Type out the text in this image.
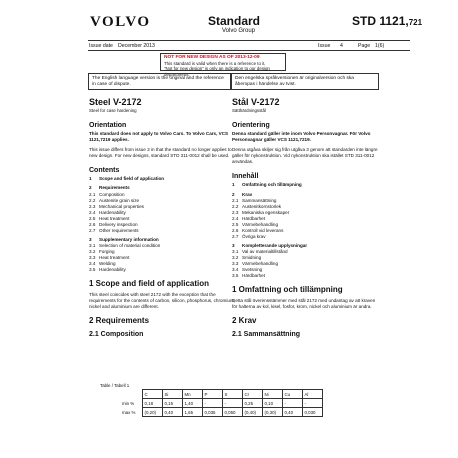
VOLVO	Standard
Volvo Group
STD 1121,721
Issue date December 2013	Issue 4	Page 1(6)
NOT FOR NEW DESIGN AS OF 2013-12-09
This standard is valid when there is a reference to it.
"Not for new design" is only an indication to our design departments.
The English language version is the original and the reference in case of dispute.
Den engelska språkversionen är originalversion och ska åberopas i händelse av tvist.
Steel V-2172
Steel for case hardening
Orientation
This standard does not apply to Volvo Cars. To Volvo Cars, VCS 1121,7219 applies.
This issue differs from issue 3 in that the standard no longer applies to new design. For new designs, standard STD 311-0012 shall be used.
Contents
1	Scope and field of application
2	Requirements
2.1 Composition
2.2 Austenite grain size
2.3 Mechanical properties
2.4 Hardenability
2.5 Heat treatment
2.6 Delivery inspection
2.7 Other requirements
3	Supplementary information
3.1 Selection of material condition
3.2 Forging
3.3 Heat treatment
3.4 Welding
3.5 Hardenability
1 Scope and field of application
This steel coincides with steel 2172 with the exception that the requirements for the contents of carbon, silicon, phosphorus, chromium, nickel and aluminium are different.
2 Requirements
2.1 Composition
Stål V-2172
Sätthärdningsstål
Orientering
Denna standard gäller inte inom Volvo Personvagnar. För Volvo Personvagnar gäller VCS 1121,7219.
Denna utgåva skiljer sig från utgåva 3 genom att standarden inte längre gäller för nykonstruktion. Vid nykonstruktion ska istället STD 311-0012 användas.
Innehåll
1	Omfattning och tillämpning
2	Krav
2.1 Sammansättning
2.2 Austenitkornstorlek
2.3 Mekaniska egenskaper
2.4 Härdbarhet
2.5 Värmebehandling
2.6 Kontroll vid leverans
2.7 Övriga krav
3	Kompletterande upplysningar
3.1 Val av materialtillstånd
3.2 Smidning
3.3 Värmebehandling
3.4 Svetsning
3.5 Härdbarhet
1 Omfattning och tillämpning
Detta stål överensstämmer med stål 2172 med undantag av att kraven för halterna av kol, kisel, fosfor, krom, nickel och aluminium är andra.
2 Krav
2.1 Sammansättning
Table / Tabell 1
	C	Si	Mn	P	S	Cr	Ni	Cu	Al
min %	0,18	0,15	1,40	-	-	0,25	0,10	-	-
max %	(0,20)	0,40	1,65	0,035	0,050	(0,40)	(0,30)	0,40	0,030
